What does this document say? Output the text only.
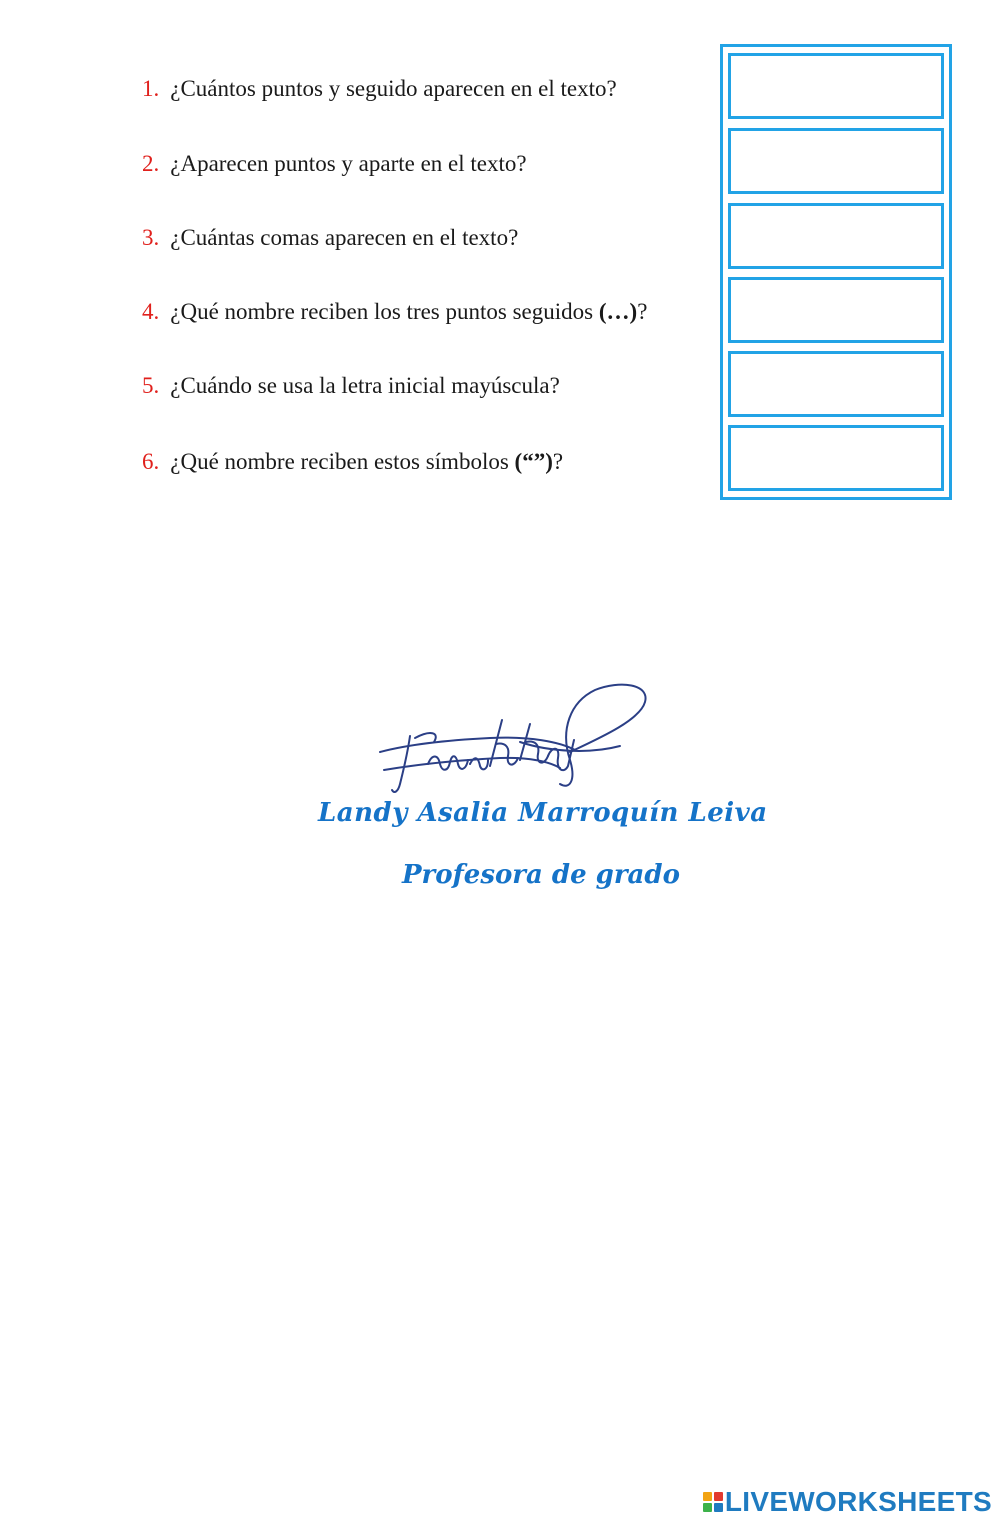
1. ¿Cuántos puntos y seguido aparecen en el texto?
2. ¿Aparecen puntos y aparte en el texto?
3. ¿Cuántas comas aparecen en el texto?
4. ¿Qué nombre reciben los tres puntos seguidos (…)?
5. ¿Cuándo se usa la letra inicial mayúscula?
6. ¿Qué nombre reciben estos símbolos (“”)?
Landy Asalia Marroquín Leiva
Profesora de grado
LIVEWORKSHEETS
